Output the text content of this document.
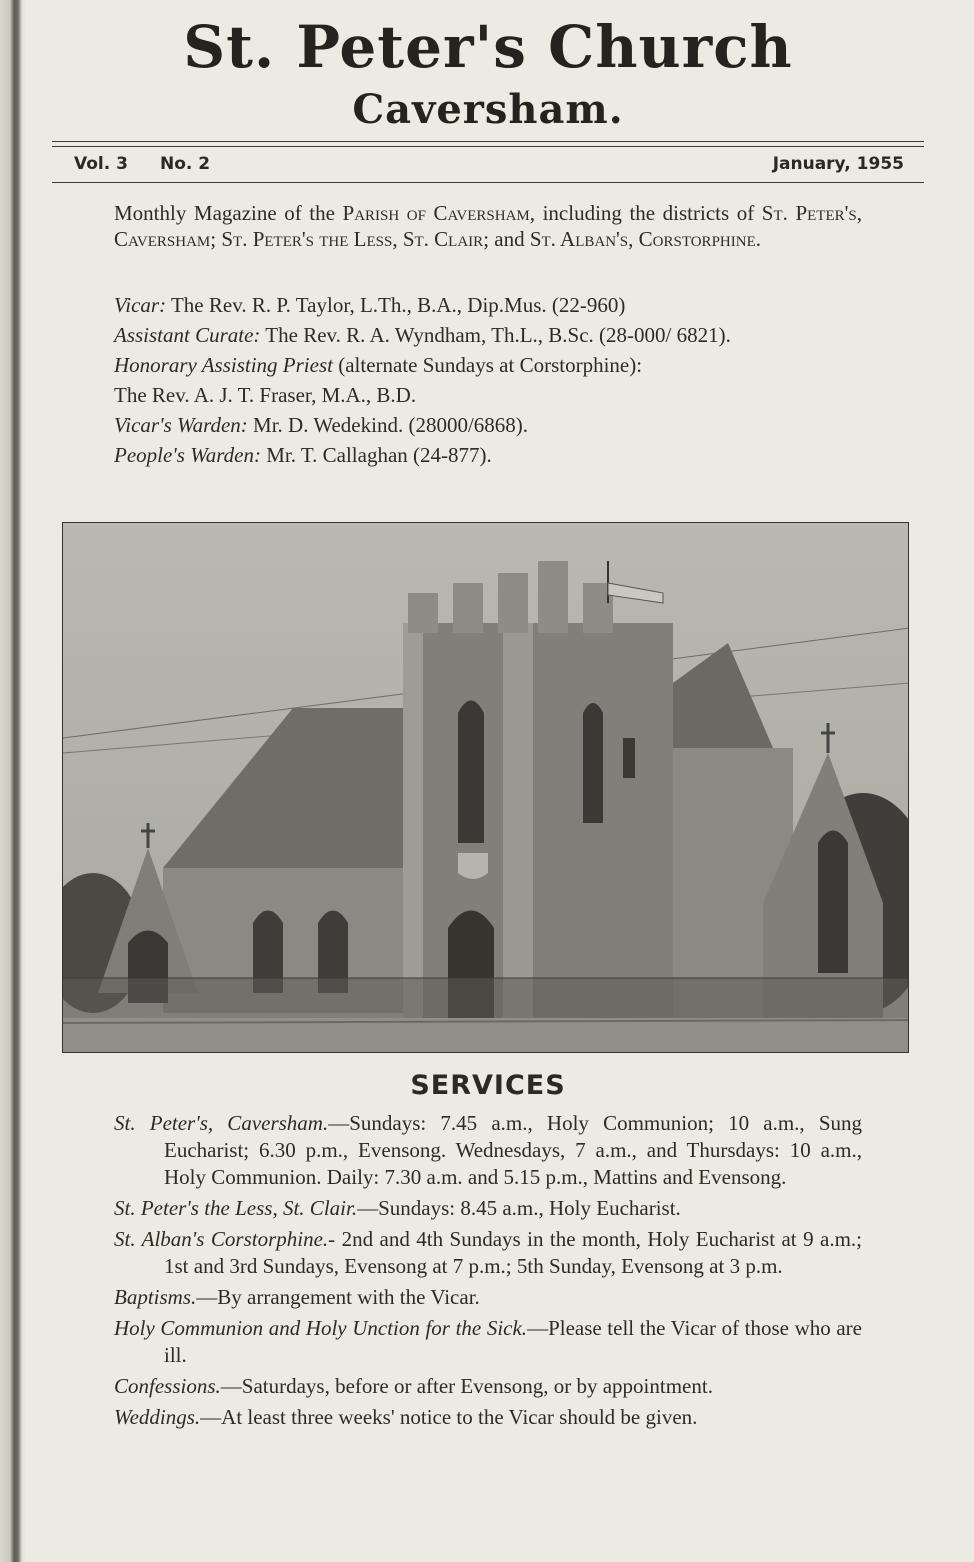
St. Peter's Church
Caversham.
Vol. 3 No. 2	January, 1955
Monthly Magazine of the Parish of Caversham, including the districts of St. Peter's, Caversham; St. Peter's the Less, St. Clair; and St. Alban's, Corstorphine.

Vicar: The Rev. R. P. Taylor, L.Th., B.A., Dip.Mus. (22-960)

Assistant Curate: The Rev. R. A. Wyndham, Th.L., B.Sc. (28-000/ 6821).

Honorary Assisting Priest (alternate Sundays at Corstorphine):

The Rev. A. J. T. Fraser, M.A., B.D.

Vicar's Warden: Mr. D. Wedekind. (28000/6868).

People's Warden: Mr. T. Callaghan (24-877).

SERVICES

St. Peter's, Caversham.—Sundays: 7.45 a.m., Holy Communion; 10 a.m., Sung Eucharist; 6.30 p.m., Evensong. Wednesdays, 7 a.m., and Thursdays: 10 a.m., Holy Communion. Daily: 7.30 a.m. and 5.15 p.m., Mattins and Evensong.

St. Peter's the Less, St. Clair.—Sundays: 8.45 a.m., Holy Eucharist.

St. Alban's Corstorphine.- 2nd and 4th Sundays in the month, Holy Eucharist at 9 a.m.; 1st and 3rd Sundays, Evensong at 7 p.m.; 5th Sunday, Evensong at 3 p.m.

Baptisms.—By arrangement with the Vicar.

Holy Communion and Holy Unction for the Sick.—Please tell the Vicar of those who are ill.

Confessions.—Saturdays, before or after Evensong, or by appointment.

Weddings.—At least three weeks' notice to the Vicar should be given.
